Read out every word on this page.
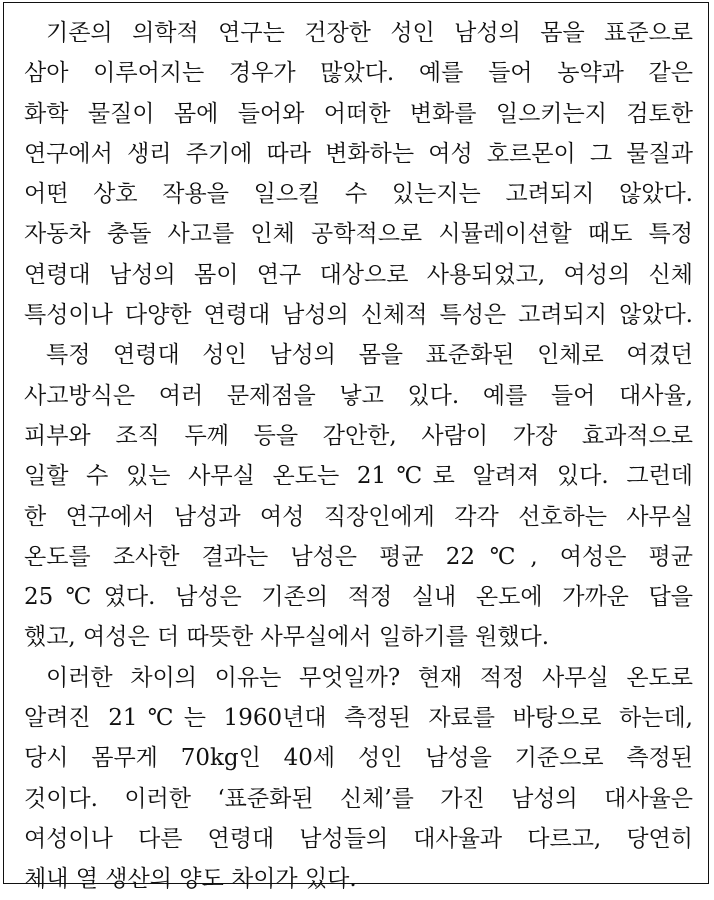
기존의 의학적 연구는 건장한 성인 남성의 몸을 표준으로
삼아 이루어지는 경우가 많았다. 예를 들어 농약과 같은
화학 물질이 몸에 들어와 어떠한 변화를 일으키는지 검토한
연구에서 생리 주기에 따라 변화하는 여성 호르몬이 그 물질과
어떤 상호 작용을 일으킬 수 있는지는 고려되지 않았다.
자동차 충돌 사고를 인체 공학적으로 시뮬레이션할 때도 특정
연령대 남성의 몸이 연구 대상으로 사용되었고, 여성의 신체
특성이나 다양한 연령대 남성의 신체적 특성은 고려되지 않았다.
특정 연령대 성인 남성의 몸을 표준화된 인체로 여겼던
사고방식은 여러 문제점을 낳고 있다. 예를 들어 대사율,
피부와 조직 두께 등을 감안한, 사람이 가장 효과적으로
일할 수 있는 사무실 온도는 21℃로 알려져 있다. 그런데
한 연구에서 남성과 여성 직장인에게 각각 선호하는 사무실
온도를 조사한 결과는 남성은 평균 22℃, 여성은 평균
25℃였다. 남성은 기존의 적정 실내 온도에 가까운 답을
했고, 여성은 더 따뜻한 사무실에서 일하기를 원했다.
이러한 차이의 이유는 무엇일까? 현재 적정 사무실 온도로
알려진 21℃는 1960년대 측정된 자료를 바탕으로 하는데,
당시 몸무게 70kg인 40세 성인 남성을 기준으로 측정된
것이다. 이러한 ‘표준화된 신체’를 가진 남성의 대사율은
여성이나 다른 연령대 남성들의 대사율과 다르고, 당연히
체내 열 생산의 양도 차이가 있다.
